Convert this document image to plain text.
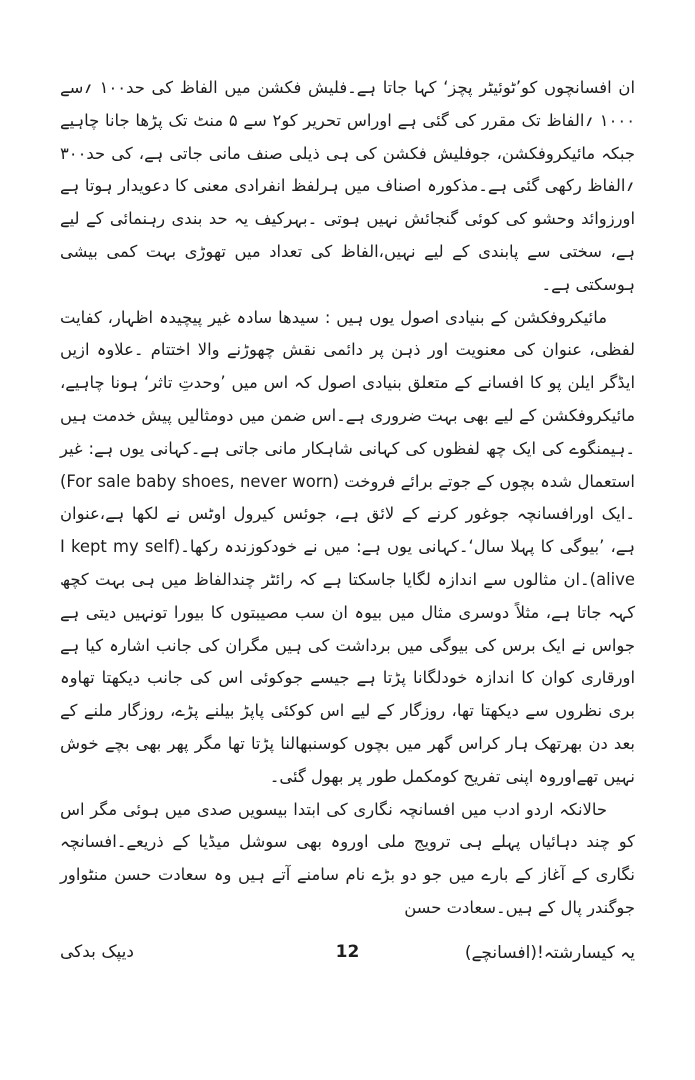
ان افسانچوں کو’ٹوئیٹر پچز‘ کہا جاتا ہے۔فلیش فکشن میں الفاظ کی حد۱۰۰ ؍سے ۱۰۰۰ ؍الفاظ تک مقرر کی گئی ہے اوراس تحریر کو۲ سے ۵ منٹ تک پڑھا جانا چاہیے جبکہ مائیکروفکشن، جوفلیش فکشن کی ہی ذیلی صنف مانی جاتی ہے، کی حد۳۰۰ ؍الفاظ رکھی گئی ہے۔مذکورہ اصناف میں ہرلفظ انفرادی معنی کا دعویدار ہوتا ہے اورزوائد وحشو کی کوئی گنجائش نہیں ہوتی ۔بہرکیف یہ حد بندی رہنمائی کے لیے ہے، سختی سے پابندی کے لیے نہیں،الفاظ کی تعداد میں تھوڑی بہت کمی بیشی ہوسکتی ہے۔

مائیکروفکشن کے بنیادی اصول یوں ہیں : سیدھا سادہ غیر پیچیدہ اظہار، کفایت لفظی، عنوان کی معنویت اور ذہن پر دائمی نقش چھوڑنے والا اختتام ۔علاوہ ازیں ایڈگر ایلن پو کا افسانے کے متعلق بنیادی اصول کہ اس میں ’وحدتِ تاثر‘ ہونا چاہیے، مائیکروفکشن کے لیے بھی بہت ضروری ہے۔اس ضمن میں دومثالیں پیش خدمت ہیں ۔ہیمنگوے کی ایک چھ لفظوں کی کہانی شاہکار مانی جاتی ہے۔کہانی یوں ہے: غیر استعمال شدہ بچوں کے جوتے برائے فروخت (For sale baby shoes, never worn) ۔ایک اورافسانچہ جوغور کرنے کے لائق ہے، جوئس کیرول اوٹس نے لکھا ہے،عنوان ہے، ’بیوگی کا پہلا سال‘۔کہانی یوں ہے: میں نے خودکوزندہ رکھا۔(I kept my self alive)۔ان مثالوں سے اندازہ لگایا جاسکتا ہے کہ رائٹر چندالفاظ میں ہی بہت کچھ کہہ جاتا ہے، مثلاً دوسری مثال میں بیوہ ان سب مصیبتوں کا بیورا تونہیں دیتی ہے جواس نے ایک برس کی بیوگی میں برداشت کی ہیں مگران کی جانب اشارہ کیا ہے اورقاری کوان کا اندازہ خودلگانا پڑتا ہے جیسے جوکوئی اس کی جانب دیکھتا تھاوہ بری نظروں سے دیکھتا تھا، روزگار کے لیے اس کوکئی پاپڑ بیلنے پڑے، روزگار ملنے کے بعد دن بھرتھک ہار کراس گھر میں بچوں کوسنبھالنا پڑتا تھا مگر پھر بھی بچے خوش نہیں تھےاوروہ اپنی تفریح کومکمل طور پر بھول گئی۔

حالانکہ اردو ادب میں افسانچہ نگاری کی ابتدا بیسویں صدی میں ہوئی مگر اس کو چند دہائیاں پہلے ہی ترویج ملی اوروہ بھی سوشل میڈیا کے ذریعے۔افسانچہ نگاری کے آغاز کے بارے میں جو دو بڑے نام سامنے آتے ہیں وہ سعادت حسن منٹواور جوگندر پال کے ہیں۔سعادت حسن

یہ کیسارشتہ!(افسانچے)
12
دیپک بدکی
